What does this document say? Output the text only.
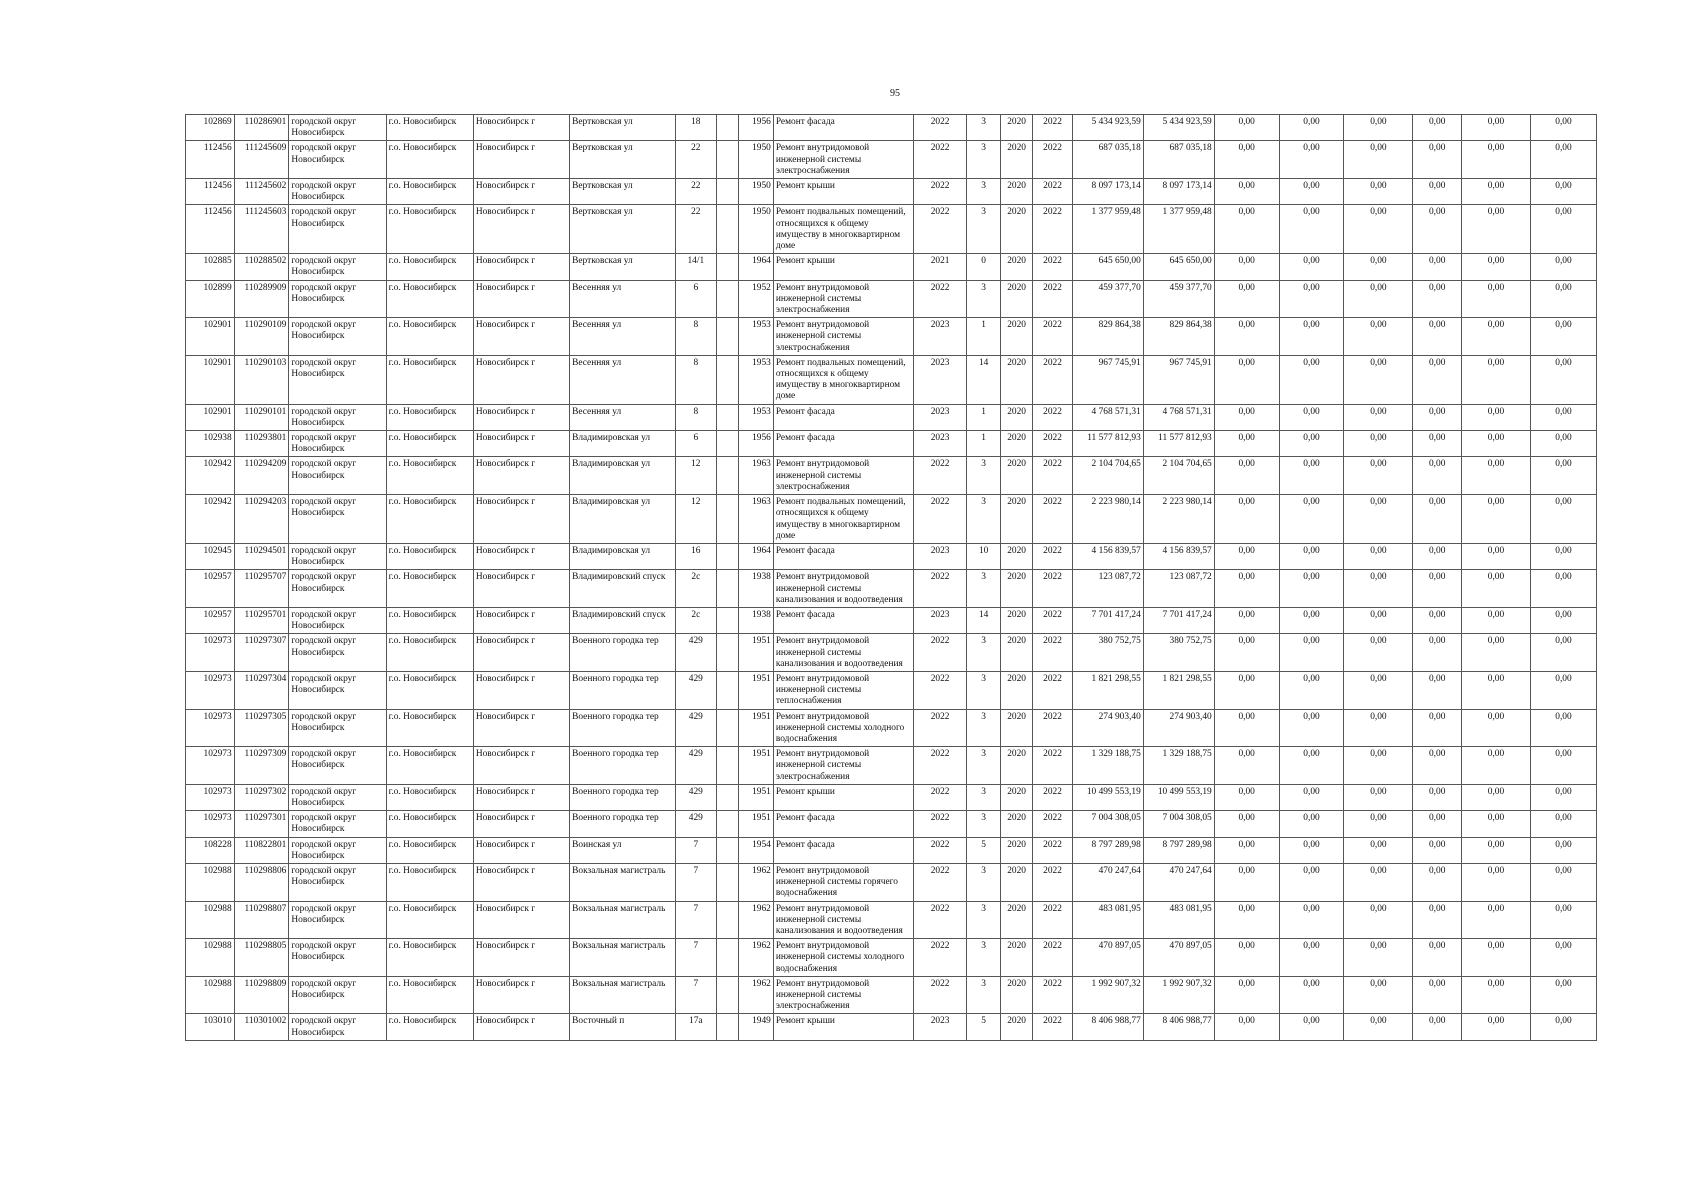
95
102869	110286901	городской округ Новосибирск	г.о. Новосибирск	Новосибирск г	Вертковская ул	18		1956	Ремонт фасада	2022	3	2020	2022	5 434 923,59	5 434 923,59	0,00	0,00	0,00	0,00	0,00	0,00
112456	111245609	городской округ Новосибирск	г.о. Новосибирск	Новосибирск г	Вертковская ул	22		1950	Ремонт внутридомовой инженерной системы электроснабжения	2022	3	2020	2022	687 035,18	687 035,18	0,00	0,00	0,00	0,00	0,00	0,00
112456	111245602	городской округ Новосибирск	г.о. Новосибирск	Новосибирск г	Вертковская ул	22		1950	Ремонт крыши	2022	3	2020	2022	8 097 173,14	8 097 173,14	0,00	0,00	0,00	0,00	0,00	0,00
112456	111245603	городской округ Новосибирск	г.о. Новосибирск	Новосибирск г	Вертковская ул	22		1950	Ремонт подвальных помещений, относящихся к общему имуществу в многоквартирном доме	2022	3	2020	2022	1 377 959,48	1 377 959,48	0,00	0,00	0,00	0,00	0,00	0,00
102885	110288502	городской округ Новосибирск	г.о. Новосибирск	Новосибирск г	Вертковская ул	14/1		1964	Ремонт крыши	2021	0	2020	2022	645 650,00	645 650,00	0,00	0,00	0,00	0,00	0,00	0,00
102899	110289909	городской округ Новосибирск	г.о. Новосибирск	Новосибирск г	Весенняя ул	6		1952	Ремонт внутридомовой инженерной системы электроснабжения	2022	3	2020	2022	459 377,70	459 377,70	0,00	0,00	0,00	0,00	0,00	0,00
102901	110290109	городской округ Новосибирск	г.о. Новосибирск	Новосибирск г	Весенняя ул	8		1953	Ремонт внутридомовой инженерной системы электроснабжения	2023	1	2020	2022	829 864,38	829 864,38	0,00	0,00	0,00	0,00	0,00	0,00
102901	110290103	городской округ Новосибирск	г.о. Новосибирск	Новосибирск г	Весенняя ул	8		1953	Ремонт подвальных помещений, относящихся к общему имуществу в многоквартирном доме	2023	14	2020	2022	967 745,91	967 745,91	0,00	0,00	0,00	0,00	0,00	0,00
102901	110290101	городской округ Новосибирск	г.о. Новосибирск	Новосибирск г	Весенняя ул	8		1953	Ремонт фасада	2023	1	2020	2022	4 768 571,31	4 768 571,31	0,00	0,00	0,00	0,00	0,00	0,00
102938	110293801	городской округ Новосибирск	г.о. Новосибирск	Новосибирск г	Владимировская ул	6		1956	Ремонт фасада	2023	1	2020	2022	11 577 812,93	11 577 812,93	0,00	0,00	0,00	0,00	0,00	0,00
102942	110294209	городской округ Новосибирск	г.о. Новосибирск	Новосибирск г	Владимировская ул	12		1963	Ремонт внутридомовой инженерной системы электроснабжения	2022	3	2020	2022	2 104 704,65	2 104 704,65	0,00	0,00	0,00	0,00	0,00	0,00
102942	110294203	городской округ Новосибирск	г.о. Новосибирск	Новосибирск г	Владимировская ул	12		1963	Ремонт подвальных помещений, относящихся к общему имуществу в многоквартирном доме	2022	3	2020	2022	2 223 980,14	2 223 980,14	0,00	0,00	0,00	0,00	0,00	0,00
102945	110294501	городской округ Новосибирск	г.о. Новосибирск	Новосибирск г	Владимировская ул	16		1964	Ремонт фасада	2023	10	2020	2022	4 156 839,57	4 156 839,57	0,00	0,00	0,00	0,00	0,00	0,00
102957	110295707	городской округ Новосибирск	г.о. Новосибирск	Новосибирск г	Владимировский спуск	2с		1938	Ремонт внутридомовой инженерной системы канализования и водоотведения	2022	3	2020	2022	123 087,72	123 087,72	0,00	0,00	0,00	0,00	0,00	0,00
102957	110295701	городской округ Новосибирск	г.о. Новосибирск	Новосибирск г	Владимировский спуск	2с		1938	Ремонт фасада	2023	14	2020	2022	7 701 417,24	7 701 417,24	0,00	0,00	0,00	0,00	0,00	0,00
102973	110297307	городской округ Новосибирск	г.о. Новосибирск	Новосибирск г	Военного городка тер	429		1951	Ремонт внутридомовой инженерной системы канализования и водоотведения	2022	3	2020	2022	380 752,75	380 752,75	0,00	0,00	0,00	0,00	0,00	0,00
102973	110297304	городской округ Новосибирск	г.о. Новосибирск	Новосибирск г	Военного городка тер	429		1951	Ремонт внутридомовой инженерной системы теплоснабжения	2022	3	2020	2022	1 821 298,55	1 821 298,55	0,00	0,00	0,00	0,00	0,00	0,00
102973	110297305	городской округ Новосибирск	г.о. Новосибирск	Новосибирск г	Военного городка тер	429		1951	Ремонт внутридомовой инженерной системы холодного водоснабжения	2022	3	2020	2022	274 903,40	274 903,40	0,00	0,00	0,00	0,00	0,00	0,00
102973	110297309	городской округ Новосибирск	г.о. Новосибирск	Новосибирск г	Военного городка тер	429		1951	Ремонт внутридомовой инженерной системы электроснабжения	2022	3	2020	2022	1 329 188,75	1 329 188,75	0,00	0,00	0,00	0,00	0,00	0,00
102973	110297302	городской округ Новосибирск	г.о. Новосибирск	Новосибирск г	Военного городка тер	429		1951	Ремонт крыши	2022	3	2020	2022	10 499 553,19	10 499 553,19	0,00	0,00	0,00	0,00	0,00	0,00
102973	110297301	городской округ Новосибирск	г.о. Новосибирск	Новосибирск г	Военного городка тер	429		1951	Ремонт фасада	2022	3	2020	2022	7 004 308,05	7 004 308,05	0,00	0,00	0,00	0,00	0,00	0,00
108228	110822801	городской округ Новосибирск	г.о. Новосибирск	Новосибирск г	Воинская ул	7		1954	Ремонт фасада	2022	5	2020	2022	8 797 289,98	8 797 289,98	0,00	0,00	0,00	0,00	0,00	0,00
102988	110298806	городской округ Новосибирск	г.о. Новосибирск	Новосибирск г	Вокзальная магистраль	7		1962	Ремонт внутридомовой инженерной системы горячего водоснабжения	2022	3	2020	2022	470 247,64	470 247,64	0,00	0,00	0,00	0,00	0,00	0,00
102988	110298807	городской округ Новосибирск	г.о. Новосибирск	Новосибирск г	Вокзальная магистраль	7		1962	Ремонт внутридомовой инженерной системы канализования и водоотведения	2022	3	2020	2022	483 081,95	483 081,95	0,00	0,00	0,00	0,00	0,00	0,00
102988	110298805	городской округ Новосибирск	г.о. Новосибирск	Новосибирск г	Вокзальная магистраль	7		1962	Ремонт внутридомовой инженерной системы холодного водоснабжения	2022	3	2020	2022	470 897,05	470 897,05	0,00	0,00	0,00	0,00	0,00	0,00
102988	110298809	городской округ Новосибирск	г.о. Новосибирск	Новосибирск г	Вокзальная магистраль	7		1962	Ремонт внутридомовой инженерной системы электроснабжения	2022	3	2020	2022	1 992 907,32	1 992 907,32	0,00	0,00	0,00	0,00	0,00	0,00
103010	110301002	городской округ Новосибирск	г.о. Новосибирск	Новосибирск г	Восточный п	17а		1949	Ремонт крыши	2023	5	2020	2022	8 406 988,77	8 406 988,77	0,00	0,00	0,00	0,00	0,00	0,00
